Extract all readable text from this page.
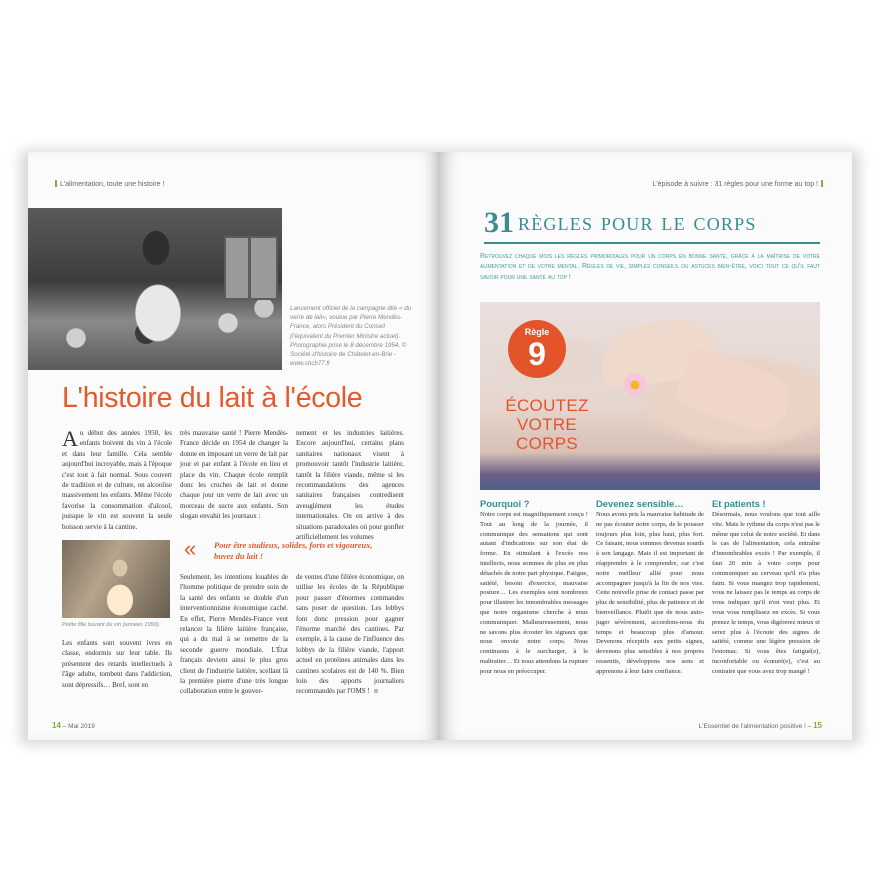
L'alimentation, toute une histoire !
Lancement officiel de la campagne dite « du verre de lait», voulue par Pierre Mendès-France, alors Président du Conseil (l'équivalent du Premier Ministre actuel). Photographie prise le 8 décembre 1954. © Société d'histoire de Châtelet-en-Brie - www.shcb77.fr
L'histoire du lait à l'école

Au début des années 1950, les enfants boivent du vin à l'école et dans leur famille. Cela semble aujourd'hui incroyable, mais à l'époque c'est tout à fait normal. Sous couvert de tradition et de culture, on alcoolise massivement les enfants. Même l'école favorise la consommation d'alcool, puisque le vin est souvent la seule boisson servie à la cantine.

Petite fille buvant du vin (années 1950).
Les enfants sont souvent ivres en classe, endormis sur leur table. Ils présentent des retards intellectuels à l'âge adulte, tombent dans l'addiction, sont dépressifs… Bref, sont en
très mauvaise santé ! Pierre Mendès-France décide en 1954 de changer la donne en imposant un verre de lait par jour et par enfant à l'école en lieu et place du vin. Chaque école remplit donc les cruches de lait et donne chaque jour un verre de lait avec un morceau de sucre aux enfants. Son slogan envahit les journaux :
nement et les industries laitières. Encore aujourd'hui, certains plans sanitaires nationaux visent à promouvoir tantôt l'industrie laitière, tantôt la filière viande, même si les recommandations des agences sanitaires françaises contredisent aveuglément les études internationales. On en arrive à des situations paradoxales où pour gonfler artificiellement les volumes
« Pour être studieux, solides, forts et vigoureux, buvez du lait !
Seulement, les intentions louables de l'homme politique de prendre soin de la santé des enfants se double d'un interventionnisme économique caché. En effet, Pierre Mendès-France veut relancer la filière laitière française, qui a du mal à se remettre de la seconde guerre mondiale. L'État français devient ainsi le plus gros client de l'industrie laitière, scellant là la première pierre d'une très longue collaboration entre le gouver-
de ventes d'une filière économique, on utilise les écoles de la République pour passer d'énormes commandes sans poser de question. Les lobbys font donc pression pour gagner l'énorme marché des cantines. Par exemple, à la cause de l'influence des lobbys de la filière viande, l'apport actuel en protéines animales dans les cantines scolaires est de 140 %. Bien loin des apports journaliers recommandés par l'OMS !
14 – Mai 2019
L'épisode à suivre : 31 règles pour une forme au top !
31 règles pour le corps
Retrouvez chaque mois les règles primordiales pour un corps en bonne santé, grâce à la maîtrise de votre alimentation et de votre mental. Règles de vie, simples conseils ou astuces bien-être, voici tout ce qu'il faut savoir pour une santé au top !
Règle
9
ÉCOUTEZ
VOTRE
CORPS
Pourquoi ?	Devenez sensible…	Et patients !
Notre corps est magnifiquement conçu ! Tout au long de la journée, il communique des sensations qui sont autant d'indications sur son état de forme. En stimulant à l'excès nos intellects, nous sommes de plus en plus détachés de notre part physique. Fatigue, satiété, besoin d'exercice, mauvaise posture… Les exemples sont nombreux pour illustrer les innombrables messages que notre organisme cherche à nous communiquer. Malheureusement, nous ne savons plus écouter les signaux que nous envoie notre corps. Nous continuons à le surcharger, à le maltraiter… Et nous attendons la rupture pour nous en préoccuper.
Nous avons pris la mauvaise habitude de ne pas écouter notre corps, de le pousser toujours plus loin, plus haut, plus fort. Ce faisant, nous sommes devenus sourds à son langage. Mais il est important de réapprendre à le comprendre, car c'est notre meilleur allié pour nous accompagner jusqu'à la fin de nos vies. Cette nouvelle prise de contact passe par plus de sensibilité, plus de patience et de bienveillance. Plutôt que de nous auto-juger sévèrement, accordons-nous du temps et beaucoup plus d'amour. Devenons réceptifs aux petits signes, devenons plus sensibles à nos propres ressentis, développons nos sens et apprenons à leur faire confiance.
Désormais, nous voulons que tout aille vite. Mais le rythme du corps n'est pas le même que celui de notre société. Et dans le cas de l'alimentation, cela entraîne d'innombrables excès ! Par exemple, il faut 20 min à votre corps pour communiquer au cerveau qu'il n'a plus faim. Si vous mangez trop rapidement, vous ne laissez pas le temps au corps de vous indiquer qu'il n'en veut plus. Et vous vous remplissez en excès. Si vous prenez le temps, vous digérerez mieux et serez plus à l'écoute des signes de satiété, comme une légère pression de l'estomac. Si vous êtes fatigué(e), inconfortable ou écœuré(e), c'est au contraire que vous avez trop mangé !
L'Essentiel de l'alimentation positive ! – 15
